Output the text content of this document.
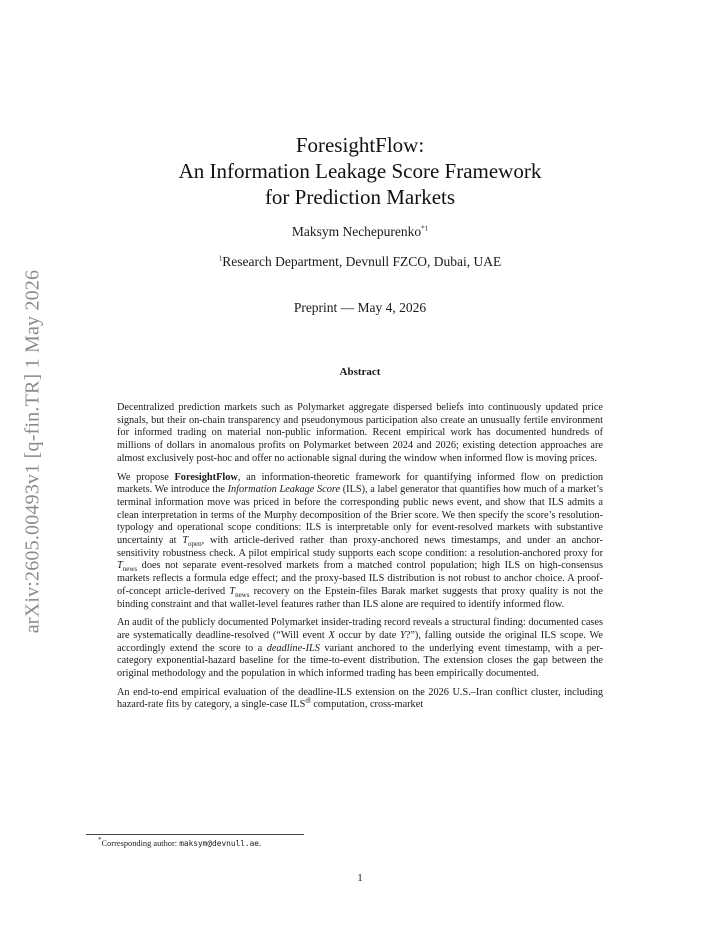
arXiv:2605.00493v1 [q-fin.TR] 1 May 2026
ForesightFlow:
An Information Leakage Score Framework
for Prediction Markets
Maksym Nechepurenko$^{*1}$
$^1$Research Department, Devnull FZCO, Dubai, UAE
Preprint — May 4, 2026
Abstract

Decentralized prediction markets such as Polymarket aggregate dispersed beliefs into continuously updated price signals, but their on-chain transparency and pseudonymous participation also create an unusually fertile environment for informed trading on material non-public information. Recent empirical work has documented hundreds of millions of dollars in anomalous profits on Polymarket between 2024 and 2026; existing detection approaches are almost exclusively post-hoc and offer no actionable signal during the window when informed flow is moving prices.

We propose ForesightFlow, an information-theoretic framework for quantifying informed flow on prediction markets. We introduce the Information Leakage Score (ILS), a label generator that quantifies how much of a market’s terminal information move was priced in before the corresponding public news event, and show that ILS admits a clean interpretation in terms of the Murphy decomposition of the Brier score. We then specify the score’s resolution-typology and operational scope conditions: ILS is interpretable only for event-resolved markets with substantive uncertainty at $T_{open}$, with article-derived rather than proxy-anchored news timestamps, and under an anchor-sensitivity robustness check. A pilot empirical study supports each scope condition: a resolution-anchored proxy for $T_{news}$ does not separate event-resolved markets from a matched control population; high ILS on high-consensus markets reflects a formula edge effect; and the proxy-based ILS distribution is not robust to anchor choice. A proof-of-concept article-derived $T_{news}$ recovery on the Epstein-files Barak market suggests that proxy quality is not the binding constraint and that wallet-level features rather than ILS alone are required to identify informed flow.

An audit of the publicly documented Polymarket insider-trading record reveals a structural finding: documented cases are systematically deadline-resolved (“Will event X occur by date Y?”), falling outside the original ILS scope. We accordingly extend the score to a deadline-ILS variant anchored to the underlying event timestamp, with a per-category exponential-hazard baseline for the time-to-event distribution. The extension closes the gap between the original methodology and the population in which informed trading has been empirically documented.

An end-to-end empirical evaluation of the deadline-ILS extension on the 2026 U.S.–Iran conflict cluster, including hazard-rate fits by category, a single-case $ILS^{dl}$ computation, cross-market

*Corresponding author: maksym@devnull.ae.
1
